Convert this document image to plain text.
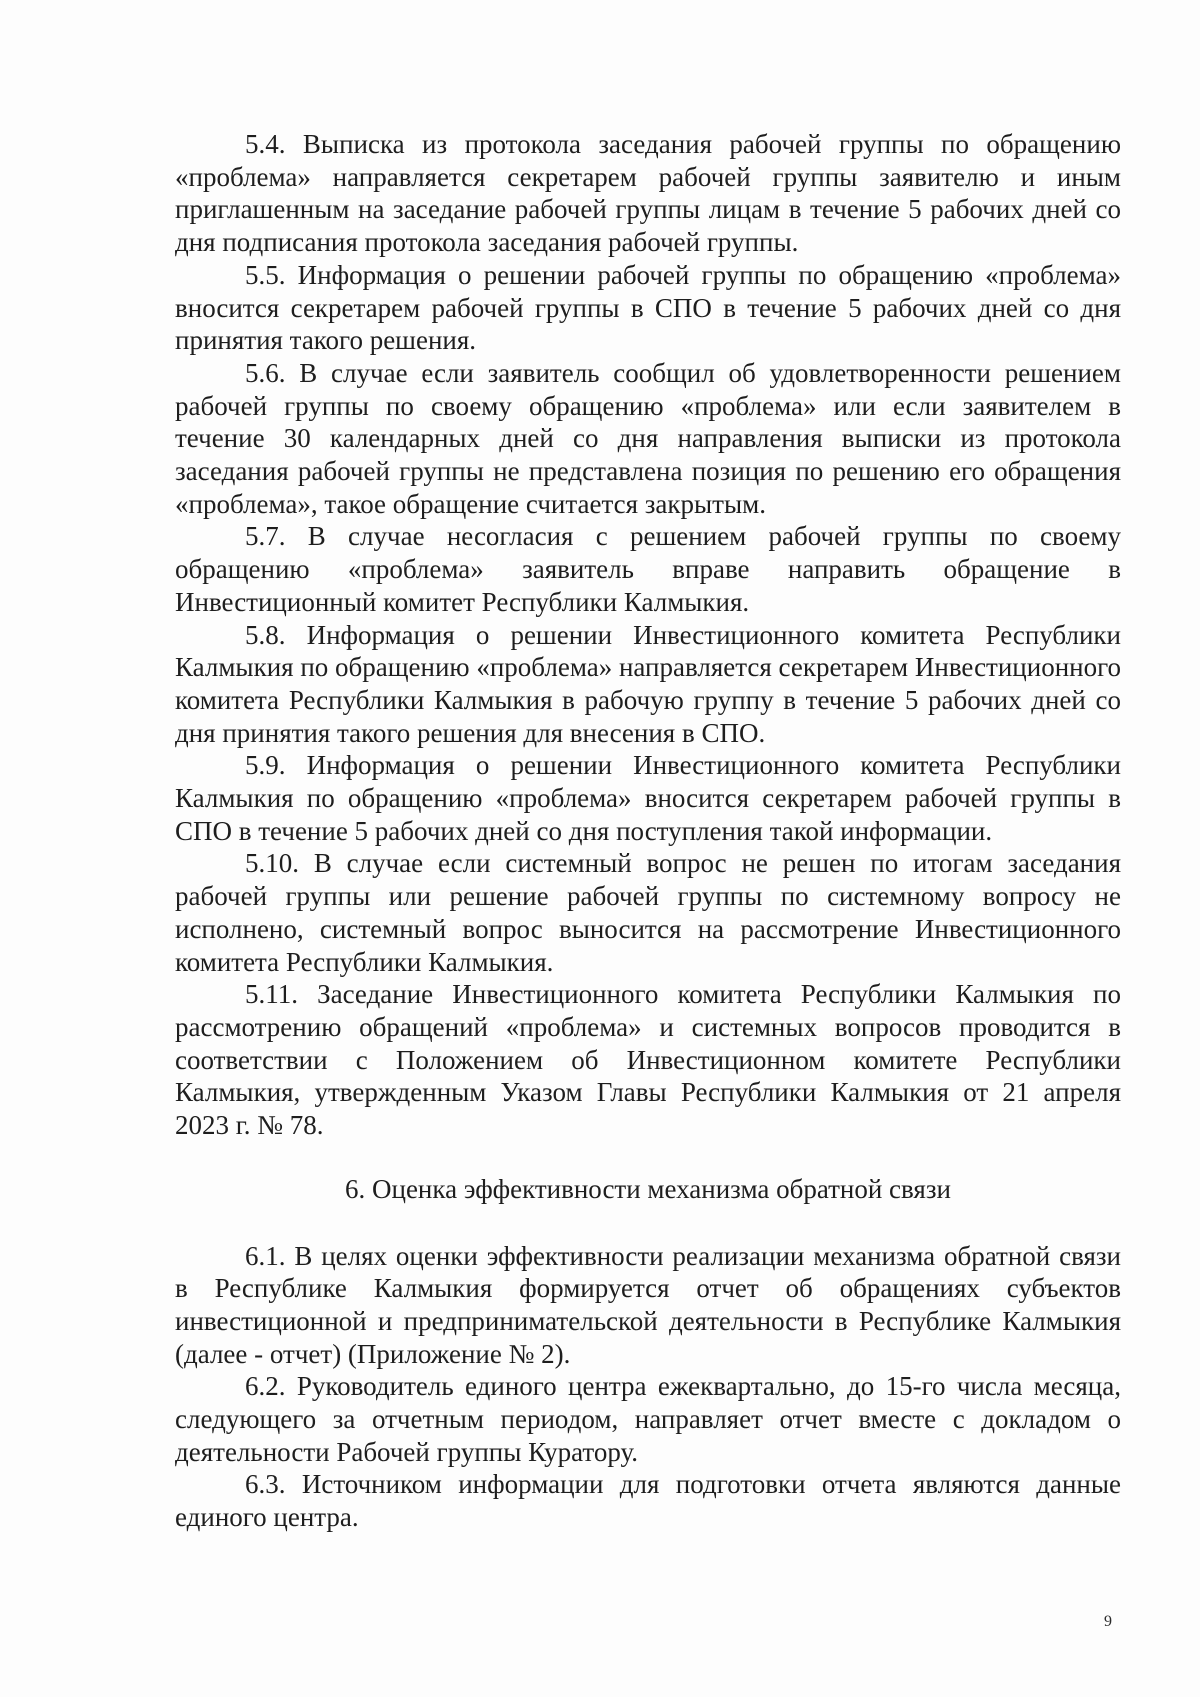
5.4. Выписка из протокола заседания рабочей группы по обращению «проблема» направляется секретарем рабочей группы заявителю и иным приглашенным на заседание рабочей группы лицам в течение 5 рабочих дней со дня подписания протокола заседания рабочей группы.

5.5. Информация о решении рабочей группы по обращению «проблема» вносится секретарем рабочей группы в СПО в течение 5 рабочих дней со дня принятия такого решения.

5.6. В случае если заявитель сообщил об удовлетворенности решением рабочей группы по своему обращению «проблема» или если заявителем в течение 30 календарных дней со дня направления выписки из протокола заседания рабочей группы не представлена позиция по решению его обращения «проблема», такое обращение считается закрытым.

5.7. В случае несогласия с решением рабочей группы по своему обращению «проблема» заявитель вправе направить обращение в Инвестиционный комитет Республики Калмыкия.

5.8. Информация о решении Инвестиционного комитета Республики Калмыкия по обращению «проблема» направляется секретарем Инвестиционного комитета Республики Калмыкия в рабочую группу в течение 5 рабочих дней со дня принятия такого решения для внесения в СПО.

5.9. Информация о решении Инвестиционного комитета Республики Калмыкия по обращению «проблема» вносится секретарем рабочей группы в СПО в течение 5 рабочих дней со дня поступления такой информации.

5.10. В случае если системный вопрос не решен по итогам заседания рабочей группы или решение рабочей группы по системному вопросу не исполнено, системный вопрос выносится на рассмотрение Инвестиционного комитета Республики Калмыкия.

5.11. Заседание Инвестиционного комитета Республики Калмыкия по рассмотрению обращений «проблема» и системных вопросов проводится в соответствии с Положением об Инвестиционном комитете Республики Калмыкия, утвержденным Указом Главы Республики Калмыкия от 21 апреля 2023 г. № 78.

6. Оценка эффективности механизма обратной связи

6.1. В целях оценки эффективности реализации механизма обратной связи в Республике Калмыкия формируется отчет об обращениях субъектов инвестиционной и предпринимательской деятельности в Республике Калмыкия (далее - отчет) (Приложение № 2).

6.2. Руководитель единого центра ежеквартально, до 15-го числа месяца, следующего за отчетным периодом, направляет отчет вместе с докладом о деятельности Рабочей группы Куратору.

6.3. Источником информации для подготовки отчета являются данные единого центра.

9
